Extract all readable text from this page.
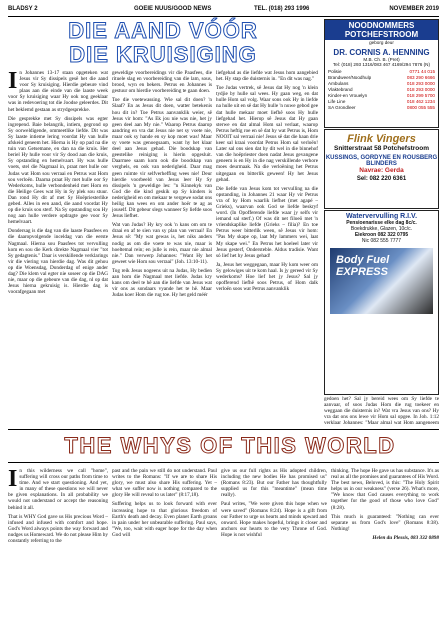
BLADSY 2	GOEIE NUUS/GOOD NEWS	TEL. (018) 293 1996	NOVEMBER 2019
DIE AAND VÓÓR
DIE KRUISIGING
I n Johannes 13-17 staan opgeteken wat Jesus vir Sy dissipels gesê het die aand voor Sy kruisiging. Hierdie gebeure vind plaas aan die einde van die laaste week voor Sy kruisiging waar Hy ook nog geeklaar was in redevoering tot die Joodse geleerdes. Dit het beklemd gestaan as strydgesprekke.

Die gesprekke met Sy dissipels was egter ingrepend. Baie belangrik, intiem, gegrond op Sy oorweldigende, ommeetlike liefde. Dit was Sy laaste intieme lering voordat Hy van hulle afskeid geneem het. Hierna is Hy op pad na die tuin van Getsemane, en dan na die kruis. Her beriel Hy hulle voor vir Sy dood aan die kruis, Sy opstanding en hemelvaart. Hy was hulle voets, stel die Nagmaal in, praat met hulle oor Judas wat Hom sou verraai en Petrus wat Hom sou verloën. Daarna praat Hy met hulle oor Sy Wederkoms, hulle verbondenheid met Hom en die Heilige Gees wat Hy in Sy plek sou stuur. Dan rond Hy dit af met Sy Hoëpriesterlike gebed. Alles in een aand, die aand voordat Hy op die kruis sou sterf. Na Sy opstanding sou Hy nog aan hulle verdere opdragte gee voor Sy hemelvaart.

Dondersag is die dag van die laaste Paasfees en die daaropvolgende inceldag van die eerste Nagmaal. Hierna sou Paasfees tot vervulling kom en sou die Kerk direkte Nagmaal vier "tot Sy gedagtenis." Daar is verskillende verklarings vir die viering van hierdie dag. Was dit gehou op die Woensdag, Donderdag of enige ander dag? Die klem val egter nie soseer op die DAG nie, maar op die gebeure van die dag, nl op dat Jesus hierna gekruisig is. Hierdie dag is voorafgegaan met

geweldige voorbereidings vir die Paasfees, die rituele slag en voorbereiding van die lam, sous, brood, wyn en bekers. Petrus en Johannes is gestuur om hierdie voorbereiding te gaan doen.

Toe die voetewassing. Wie sal dit doen? 'n Slaaf? En as Jesus dit doen, watter betekenis hou dit in? Toe Petrus aanvanklik weier, sê Jesus vir hom: "As Ek jou nie was nie, het jy geen deel aan My nie." Waarop Petrus daarop aandring en vra dat Jesus nie net sy voete nie, maar ook sy hande en sy kop moet was! Maar sy voete was genoegsaam, want hy het klaar deel aan Jesus gehad. Die boodskap van geestelike reiniging is hierin opgesluit. Daarmee saam kom ook die boodskap van verghels, en ook van nederigheid. Daar mag geen ruimte vir selfverheffing wees nie! Deur hierdie voorbeeld van Jesus leer Hy Sy dissipels 'n geweldige les: "n Kinnekyk van God die die kind geskik op Sy kinders is nederigheid en om mekaar te vergewe sodat ons heilig kan wees en om ander hoër te ag as jouself. Dit gebeur slegs wanneer Sy liefde soos Jesus liefhet.

Wat van Judas? Hy kry ook 'n kans om om te draai en af te sien van sy plan van verraai! En Jesus sê: "My wat gewas is, het niks anders nodig as om die voete te was nie, maar is hoeltemal rein; en julle is rein, maar nie almal nie." Dan verwerp Johannes: "Want Hy het geweet wie Hom sou verraai" (Joh. 13:10-11).

Tog reik Jesus nogeens uit na Judas, Hy bedien aan hom die Nagmaal met liefde. Judas kry kans om deel te hê aan die liefde van Jesus wat vir ons as sondaars vyande het te hê. Maar Judas koer Hom die rug toe. Hy het geld méér

liefgehad as die liefde wat Jesus hom aangebied het. Hy stap die duisternis in. "En dit was nag."

Toe Judas vertrek, sê Jesus dat Hy nog 'n klein tydjie by hulle sal wees. Hy gaan weg, en dat hulle Hom sal volg. Waar sons ook Hy in liefde na hulle uit en sê dat Hy hulle 'n nuwe gebod gee dat hulle mekaar moet liefhê soos Hy hulle liefgehad het. Hierop sê Jesus dat Hy gaan sterwe en dat almal Hom sal verlaat, waarop Petrus heftig roe en sê dat hy wat Petrus is, Hom NOOIT sal verraai nie! Jesus sê dat die haan drie keer sal kraai voordat Petrus Hom sal verloën! Later sal ons sien dat hy dit wel in die binnehof van die hoëpriester doen nadat Jesus gevangene geneem is en Hy in die nag verskillende verhore moes deurmaak. Na die verloëning het Petrus uitgegaan en bitterlik geween! Hy het Jesus gehad.

Die liefde van Jesus kom tot vervulling na die opstanding, in Johannes 21 waar Hy vir Petrus vra of hy Hom waarlik liefhet (met agapé – Grieks), waarvan ook God se liefde beskryf word. (In Opofferende liefde waar jy selfs vir iemand sal sterf.) Of was dit net filoeō met 'n vriendskaplike liefde (Grieks – filia)? En toe Petrus weer bitterlik ween, sê Jesus vir hom: "Pas My skape op, laat My lammers wei, laat My skape wei." En Petrus het hoeleel later vir Jesus gesterf, Ondersteble. Aldus tradisie. Want só lief het hy Jesus gehad!

Ja, Jesus het weggegaan, maar Hy kom weer om Sy gelowiges uit te kom haal. Is jy gereed vir Sy wederkoms? Hoe lief het jy Jesus? Sal jy opofferend liefhê soos Petrus, of Hom dalk verloën soos wat Petrus aanvanklik

gedoen het? Sal jy bereid wees om Sy liefde te aanvaar, of soos Judas Hom die rug toekeer en weggaan die duisternis in? Wat vra Jesus van ons? Hy vra dat ons ons lewe vir Hom sal opgee. In Joh. 1:12 verklaar Johannes: "Maar almal wat Hom aangeneem

NOODNOMMERS
POTCHEFSTROOM
geborg deur
DR. CORNIS A. HENNING
M.B. Ch. B. (Pret)
Tel: (018) 293 1316/083 467 4169/294 7876 (N)
Polisie	0771 44 015
Brandweer/Noodhulp	083 290 6666
Ambulans	018 293 0000
Vlaktebrand	018 293 0000
Kinder-en Vrouelyn	018 299 5700
Life Line	018 462 1234
SA Grondleer	0800 055 555
Flink Vingers
Snitterstraat 58 Potchefstroom
KUSSINGS, GORDYNE EN ROUSBERG BLINDERS
Navrae: Gerda
Sel: 082 220 6361
Watervervulling R.I.V.
Pensioenarisse elke dag 8c/c.
Boekdrukke, Glazen, 10c/c.
Eiekroon 082 322 0795
Nic 082 555 7777
Body Fuel EXPRESS
THE WHYS OF THIS WORLD
I n this wilderness we call "home", suffering will cross our paths from time to time. And we start questioning. And yet, in many of these questions we will never be given explanations. In all probability we would not understand or accept the reasoning behind it all.

That is WHY God gave us His precious Word – infused and infused with comfort and hope. God's Word always points the way forward and nudges us Homeward. We do not please Him by constantly referring to the

past and the pain we still do not understand. Paul writes to the Romans: "If we are to share His glory, we must also share His suffering. Yet – what we suffer now is nothing compared to the glory He will reveal to us later" (8:17,18).

Suffering helps us to look forward with ever increasing hope to that glorious freedom of Earth's death and decay. Even planet Earth groans in pain under her unbearable suffering. Paul says, "We, too, wait with eager hope for the day when God will

give us our full rights as His adopted children, including the new bodies He has promised us" (Romans 8:23). But our Father has thoughtfully supplied us for this "meantime" (mean time really).

Paul writes, "We were given this hope when we were saved" (Romans 8:24). Hope is a gift from our Father to urge us hearts and minds upward and onward. Hope makes hopeful, brings it closer and anchors our hearts to the very Throne of God. Hope is not wishful

thinking. The hope He gave us has substance. It's as real as all the promises and guarantees of His Word. The best news, Beloved, is this: "The Holy Spirit helps us in our weakness" (verse 26). What's more, "We know that God causes everything to work together for the good of those who love God" (8:28).

This much is guaranteed: "Nothing can ever separate us from God's love" (Romans 8:38). Nothing!

Helen du Plessis, 083 332 0898
